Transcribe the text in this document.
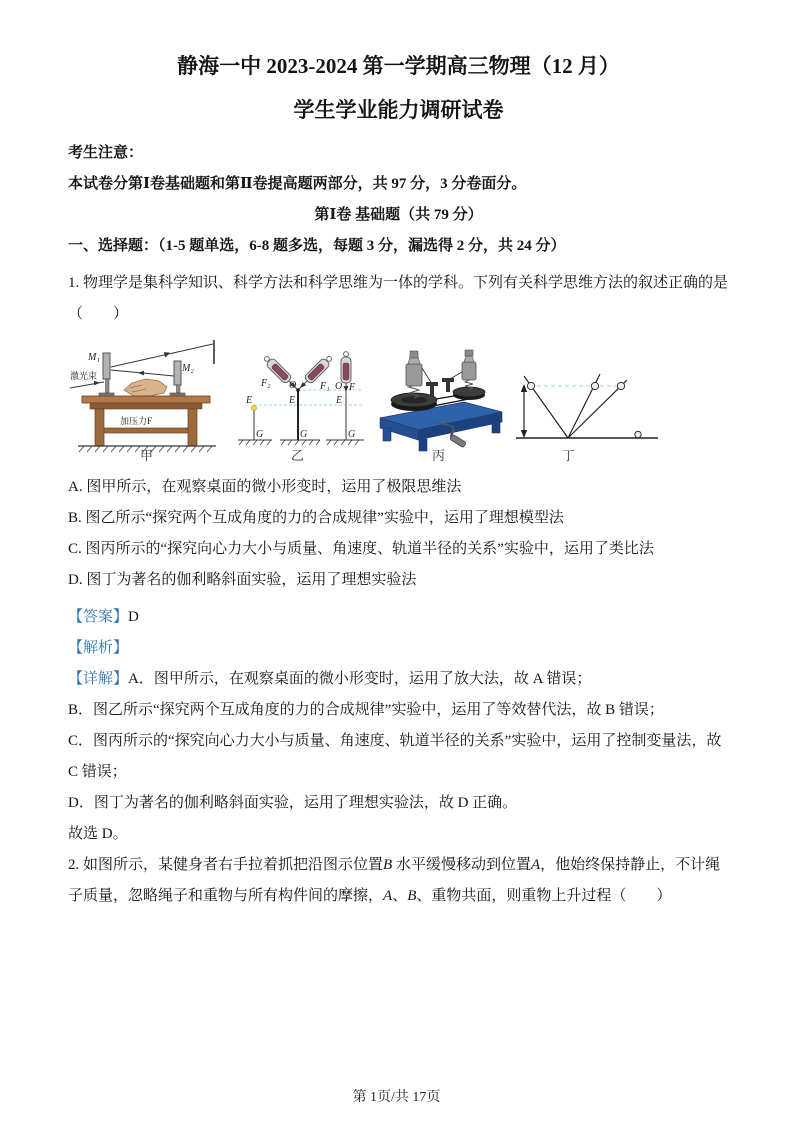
静海一中 2023-2024 第一学期高三物理（12 月）

学生学业能力调研试卷

考生注意：

本试卷分第Ⅰ卷基础题和第Ⅱ卷提高题两部分，共 97 分，3 分卷面分。

第Ⅰ卷 基础题（共 79 分）

一、选择题：（1-5 题单选，6-8 题多选，每题 3 分，漏选得 2 分，共 24 分）

1. 物理学是集科学知识、科学方法和科学思维为一体的学科。下列有关科学思维方法的叙述正确的是（　　）

激光束
M₁
M₂
加压力F
甲
F₂	F₁ F
O	O
E	E	E
G	G	G
乙	丙	丁

A. 图甲所示，在观察桌面的微小形变时，运用了极限思维法

B. 图乙所示“探究两个互成角度的力的合成规律”实验中，运用了理想模型法

C. 图丙所示的“探究向心力大小与质量、角速度、轨道半径的关系”实验中，运用了类比法

D. 图丁为著名的伽利略斜面实验，运用了理想实验法

【答案】D

【解析】

【详解】A．图甲所示，在观察桌面的微小形变时，运用了放大法，故 A 错误；

B．图乙所示“探究两个互成角度的力的合成规律”实验中，运用了等效替代法，故 B 错误；

C．图丙所示的“探究向心力大小与质量、角速度、轨道半径的关系”实验中，运用了控制变量法，故 C 错误；

D．图丁为著名的伽利略斜面实验，运用了理想实验法，故 D 正确。

故选 D。

2. 如图所示，某健身者右手拉着抓把沿图示位置B 水平缓慢移动到位置A，他始终保持静止，不计绳子质量，忽略绳子和重物与所有构件间的摩擦，A、B、重物共面，则重物上升过程（　　）

第 1页/共 17页
